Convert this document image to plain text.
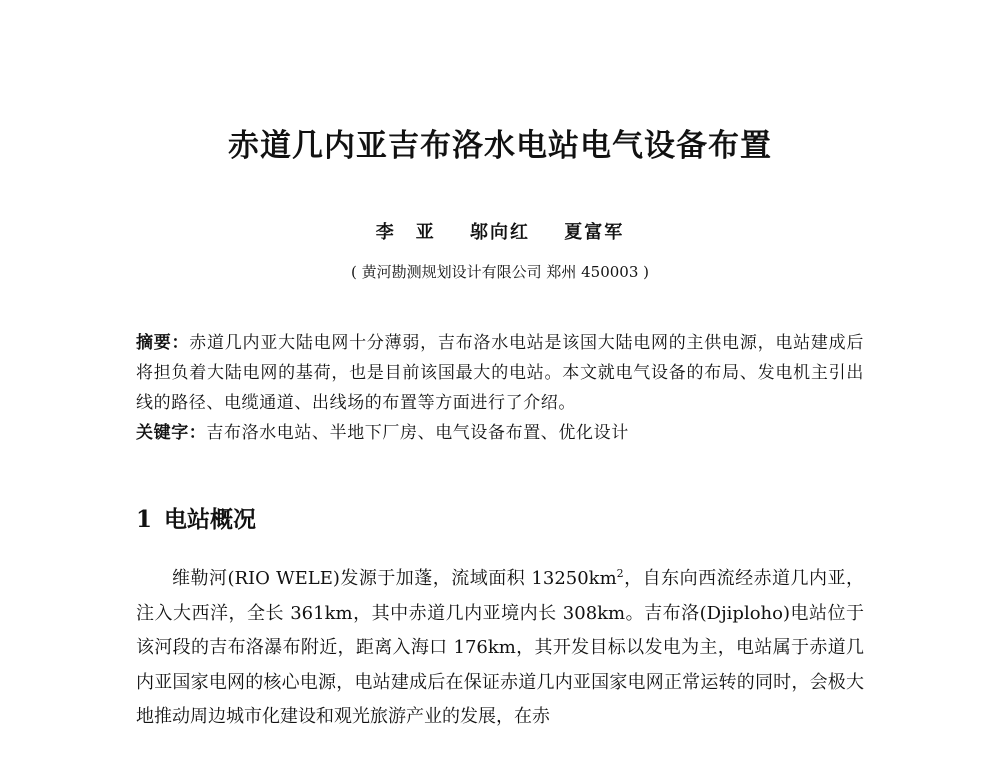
赤道几内亚吉布洛水电站电气设备布置
李　亚 邬向红 夏富军
( 黄河勘测规划设计有限公司 郑州 450003 )

摘要：赤道几内亚大陆电网十分薄弱，吉布洛水电站是该国大陆电网的主供电源，电站建成后将担负着大陆电网的基荷，也是目前该国最大的电站。本文就电气设备的布局、发电机主引出线的路径、电缆通道、出线场的布置等方面进行了介绍。

关键字：吉布洛水电站、半地下厂房、电气设备布置、优化设计

1 电站概况

维勒河(RIO WELE)发源于加蓬，流域面积 $13250km^2$，自东向西流经赤道几内亚，注入大西洋，全长 361km，其中赤道几内亚境内长 308km。吉布洛(Djiploho)电站位于该河段的吉布洛瀑布附近，距离入海口 176km，其开发目标以发电为主，电站属于赤道几内亚国家电网的核心电源，电站建成后在保证赤道几内亚国家电网正常运转的同时，会极大地推动周边城市化建设和观光旅游产业的发展，在赤
